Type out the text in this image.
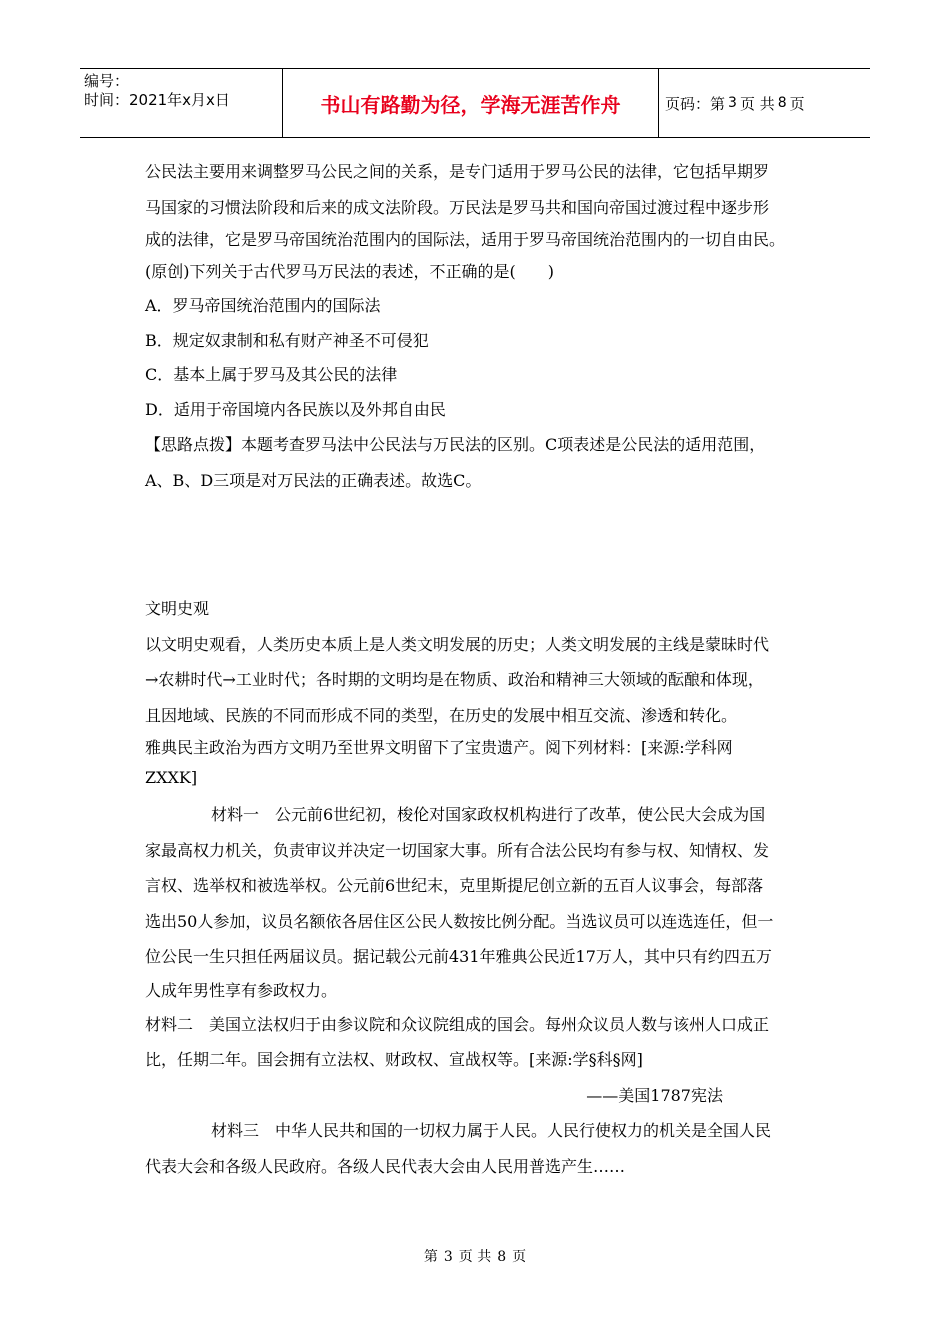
编号：
时间：2021年x月x日	书山有路勤为径，学海无涯苦作舟	页码：第 3 页 共 8 页

公民法主要用来调整罗马公民之间的关系，是专门适用于罗马公民的法律，它包括早期罗

马国家的习惯法阶段和后来的成文法阶段。万民法是罗马共和国向帝国过渡过程中逐步形

成的法律，它是罗马帝国统治范围内的国际法，适用于罗马帝国统治范围内的一切自由民。

(原创)下列关于古代罗马万民法的表述，不正确的是(　　)

A．罗马帝国统治范围内的国际法

B．规定奴隶制和私有财产神圣不可侵犯

C．基本上属于罗马及其公民的法律

D．适用于帝国境内各民族以及外邦自由民

【思路点拨】本题考查罗马法中公民法与万民法的区别。C项表述是公民法的适用范围，

A、B、D三项是对万民法的正确表述。故选C。

文明史观

以文明史观看，人类历史本质上是人类文明发展的历史；人类文明发展的主线是蒙昧时代

→农耕时代→工业时代；各时期的文明均是在物质、政治和精神三大领域的酝酿和体现，

且因地域、民族的不同而形成不同的类型，在历史的发展中相互交流、渗透和转化。

雅典民主政治为西方文明乃至世界文明留下了宝贵遗产。阅下列材料：[来源:学科网

ZXXK]

材料一　公元前6世纪初，梭伦对国家政权机构进行了改革，使公民大会成为国

家最高权力机关，负责审议并决定一切国家大事。所有合法公民均有参与权、知情权、发

言权、选举权和被选举权。公元前6世纪末，克里斯提尼创立新的五百人议事会，每部落

选出50人参加，议员名额依各居住区公民人数按比例分配。当选议员可以连选连任，但一

位公民一生只担任两届议员。据记载公元前431年雅典公民近17万人，其中只有约四五万

人成年男性享有参政权力。

材料二　美国立法权归于由参议院和众议院组成的国会。每州众议员人数与该州人口成正

比，任期二年。国会拥有立法权、财政权、宣战权等。[来源:学§科§网]

——美国1787宪法

材料三　中华人民共和国的一切权力属于人民。人民行使权力的机关是全国人民

代表大会和各级人民政府。各级人民代表大会由人民用普选产生……

第 3 页 共 8 页
